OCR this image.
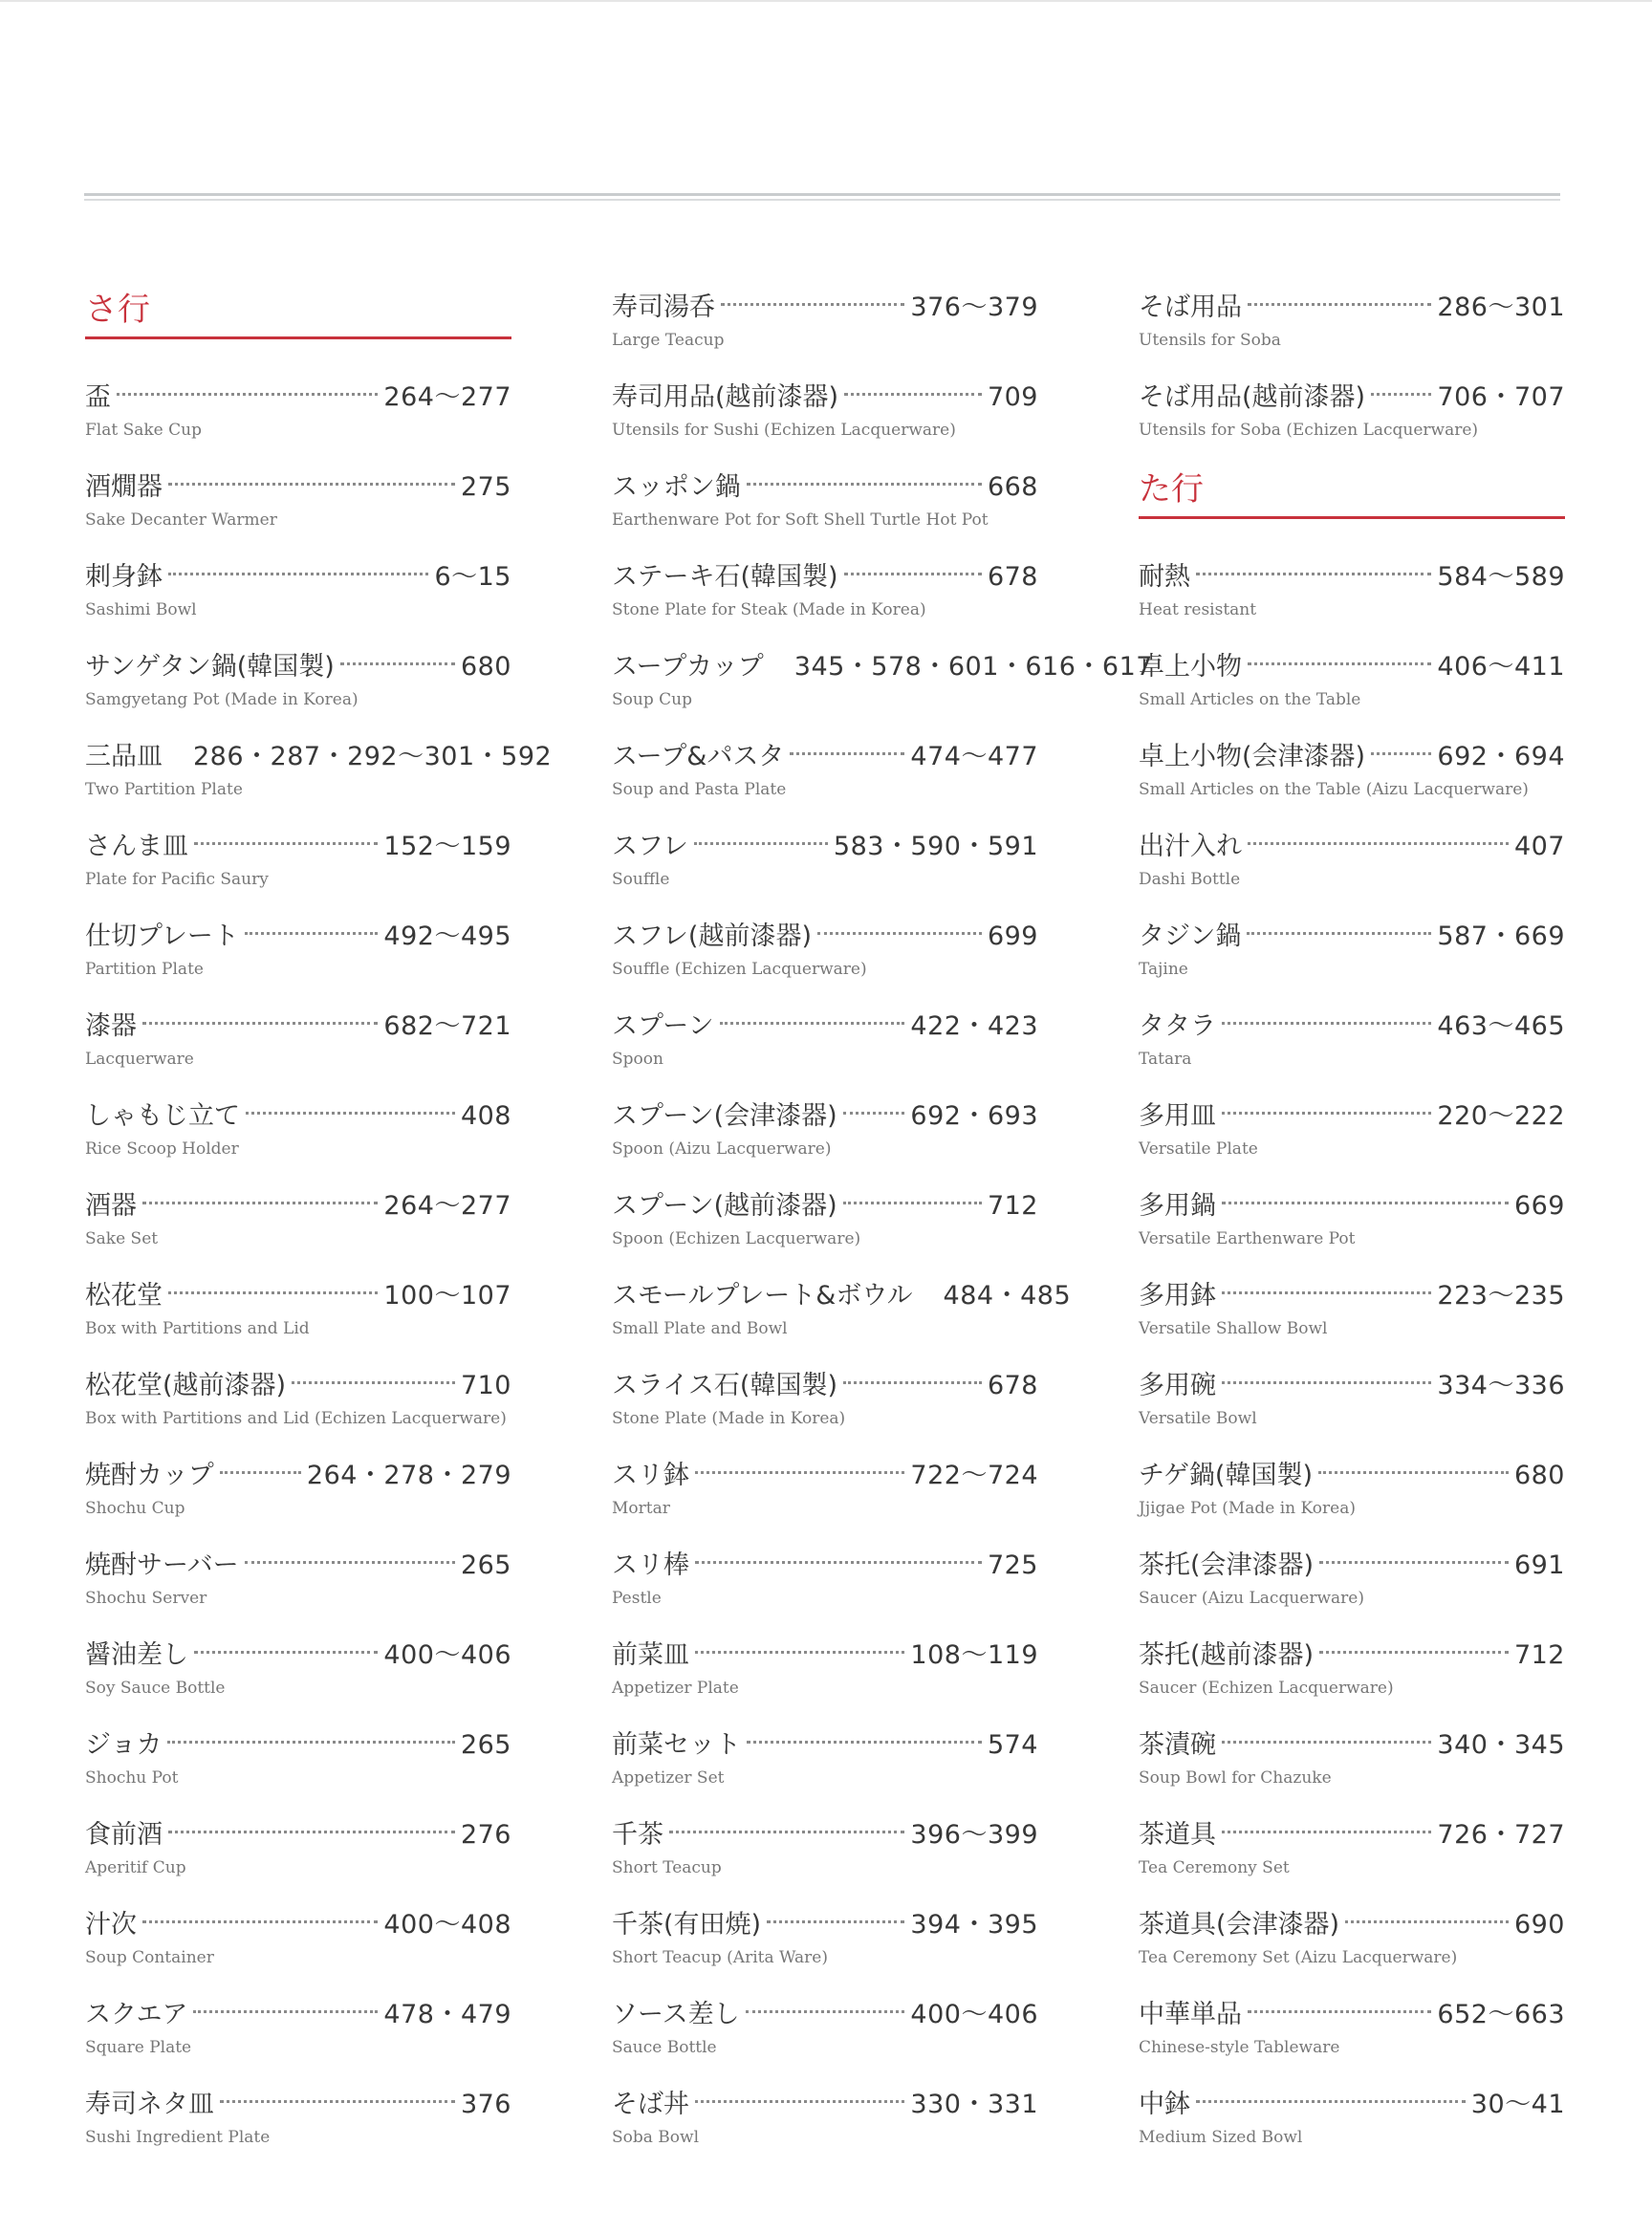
さ行
盃	264〜277
Flat Sake Cup
酒燗器	275
Sake Decanter Warmer
刺身鉢	6〜15
Sashimi Bowl
サンゲタン鍋(韓国製)	680
Samgyetang Pot (Made in Korea)
三品皿 286・287・292〜301・592
Two Partition Plate
さんま皿	152〜159
Plate for Pacific Saury
仕切プレート	492〜495
Partition Plate
漆器	682〜721
Lacquerware
しゃもじ立て	408
Rice Scoop Holder
酒器	264〜277
Sake Set
松花堂	100〜107
Box with Partitions and Lid
松花堂(越前漆器)	710
Box with Partitions and Lid (Echizen Lacquerware)
焼酎カップ	264・278・279
Shochu Cup
焼酎サーバー	265
Shochu Server
醤油差し	400〜406
Soy Sauce Bottle
ジョカ	265
Shochu Pot
食前酒	276
Aperitif Cup
汁次	400〜408
Soup Container
スクエア	478・479
Square Plate
寿司ネタ皿	376
Sushi Ingredient Plate
寿司湯呑	376〜379
Large Teacup
寿司用品(越前漆器)	709
Utensils for Sushi (Echizen Lacquerware)
スッポン鍋	668
Earthenware Pot for Soft Shell Turtle Hot Pot
ステーキ石(韓国製)	678
Stone Plate for Steak (Made in Korea)
スープカップ 345・578・601・616・617
Soup Cup
スープ&パスタ	474〜477
Soup and Pasta Plate
スフレ	583・590・591
Souffle
スフレ(越前漆器)	699
Souffle (Echizen Lacquerware)
スプーン	422・423
Spoon
スプーン(会津漆器)	692・693
Spoon (Aizu Lacquerware)
スプーン(越前漆器)	712
Spoon (Echizen Lacquerware)
スモールプレート&ボウル 484・485
Small Plate and Bowl
スライス石(韓国製)	678
Stone Plate (Made in Korea)
スリ鉢	722〜724
Mortar
スリ棒	725
Pestle
前菜皿	108〜119
Appetizer Plate
前菜セット	574
Appetizer Set
千茶	396〜399
Short Teacup
千茶(有田焼)	394・395
Short Teacup (Arita Ware)
ソース差し	400〜406
Sauce Bottle
そば丼	330・331
Soba Bowl
そば用品	286〜301
Utensils for Soba
そば用品(越前漆器)	706・707
Utensils for Soba (Echizen Lacquerware)
た行
耐熱	584〜589
Heat resistant
卓上小物	406〜411
Small Articles on the Table
卓上小物(会津漆器)	692・694
Small Articles on the Table (Aizu Lacquerware)
出汁入れ	407
Dashi Bottle
タジン鍋	587・669
Tajine
タタラ	463〜465
Tatara
多用皿	220〜222
Versatile Plate
多用鍋	669
Versatile Earthenware Pot
多用鉢	223〜235
Versatile Shallow Bowl
多用碗	334〜336
Versatile Bowl
チゲ鍋(韓国製)	680
Jjigae Pot (Made in Korea)
茶托(会津漆器)	691
Saucer (Aizu Lacquerware)
茶托(越前漆器)	712
Saucer (Echizen Lacquerware)
茶漬碗	340・345
Soup Bowl for Chazuke
茶道具	726・727
Tea Ceremony Set
茶道具(会津漆器)	690
Tea Ceremony Set (Aizu Lacquerware)
中華単品	652〜663
Chinese-style Tableware
中鉢	30〜41
Medium Sized Bowl
